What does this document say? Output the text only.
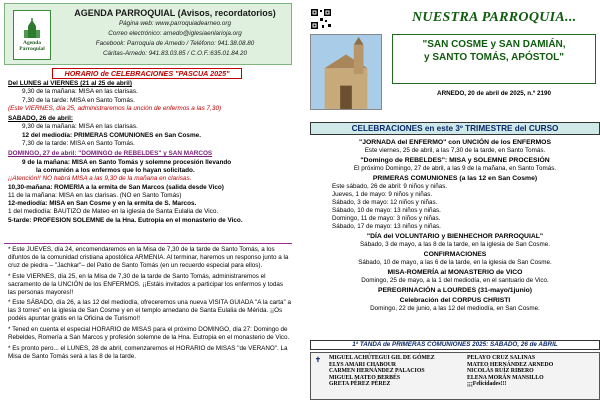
Agenda Parroquial
AGENDA PARROQUIAL (Avisos, recordatorios)
Página web: www.parroquiadearneo.org
Correo electrónico: arnedo@iglesiaenlarioja.org
Facebook: Parroquia de Arnedo / Teléfono: 941.38.08.80
Cáritas-Arnedo: 941.83.03.85 / C.O.F.:635.01.84.20
HORARIO de CELEBRACIONES "PASCUA 2025"
Del LUNES al VIERNES (21 al 25 de abril)
9,30 de la mañana: MISA en las clarisas.
7,30 de la tarde: MISA en Santo Tomás.
(Este VIERNES, día 25, administraremos la unción de enfermos a las 7,30)
SÁBADO, 26 de abril:
9,30 de la mañana: MISA en las clarisas.
12 del mediodía: PRIMERAS COMUNIONES en San Cosme.
7,30 de la tarde: MISA en Santo Tomás.
DOMINGO, 27 de abril: "DOMINGO de REBELDES" y SAN MARCOS
9 de la mañana: MISA en Santo Tomás y solemne procesión llevando
la comunión a los enfermos que lo hayan solicitado.
¡¡Atención!! NO habrá MISA a las 9,30 de la mañana en clarisas.
10,30-mañana: ROMERÍA a la ermita de San Marcos (salida desde Vico)
11 de la mañana: MISA en las clarisas. (NO en Santo Tomás)
12-mediodía: MISA en San Cosme y en la ermita de S. Marcos.
1 del mediodía: BAUTIZO de Mateo en la iglesia de Santa Eulalia de Vico.
5-tarde: PROFESIÓN SOLEMNE de la Hna. Eutropia en el monasterio de Vico.
* Este JUEVES, día 24, encomendaremos en la Misa de 7,30 de la tarde de Santo Tomás, a los difuntos de la comunidad cristiana apostólica ARMENIA. Al terminar, haremos un responso junto a la cruz de piedra – "Jachkar"– del Patio de Santo Tomás (en un recuerdo especial para ellos).
* Este VIERNES, día 25, en la Misa de 7,30 de la tarde de Santo Tomás, administraremos el sacramento de la UNCIÓN de los ENFERMOS. ¡¡Estáis invitados a participar los enfermos y todas las personas mayores!!
* Este SÁBADO, día 26, a las 12 del mediodía, ofreceremos una nueva VISITA GUIADA "A la carta" a las 3 torres" en la iglesia de San Cosme y en el templo arnedano de Santa Eulalia de Mérida. ¡¡Os podéis apuntar gratis en la Oficina de Turismo!!
* Tened en cuenta el especial HORARIO de MISAS para el próximo DOMINGO, día 27: Domingo de Rebeldes, Romería a San Marcos y profesión solemne de la Hna. Eutropia en el monasterio de Vico.
* Es pronto pero... el LUNES, 28 de abril, comenzaremos el HORARIO de MISAS "de VERANO". La Misa de Santo Tomás será a las 8 de la tarde.
NUESTRA PARROQUIA...
"SAN COSME y SAN DAMIÁN,
y SANTO TOMÁS, APÓSTOL"
ARNEDO, 20 de abril de 2025, n.º 2190
CELEBRACIONES en este 3º TRIMESTRE del CURSO
"JORNADA del ENFERMO" con UNCIÓN de los ENFERMOS
Este viernes, 25 de abril, a las 7,30 de la tarde, en Santo Tomás.
"Domingo de REBELDES": MISA y SOLEMNE PROCESIÓN
El próximo Domingo, 27 de abril, a las 9 de la mañana, en Santo Tomás.
PRIMERAS COMUNIONES (a las 12 en San Cosme)
Este sábado, 26 de abril: 9 niños y niñas.
Jueves, 1 de mayo: 9 niños y niñas.
Sábado, 3 de mayo: 12 niños y niñas.
Sábado, 10 de mayo: 13 niños y niñas.
Domingo, 11 de mayo: 3 niños y niñas.
Sábado, 17 de mayo: 13 niños y niñas.
"DÍA del VOLUNTARIO y BIENHECHOR PARROQUIAL"
Sábado, 3 de mayo, a las 8 de la tarde, en la iglesia de San Cosme.
CONFIRMACIONES
Sábado, 10 de mayo, a las 6 de la tarde, en la iglesia de San Cosme.
MISA-ROMERÍA al MONASTERIO de VICO
Domingo, 25 de mayo, a la 1 del mediodía, en el santuario de Vico.
PEREGRINACIÓN a LOURDES (31-mayo/1junio)
Celebración del CORPUS CHRISTI
Domingo, 22 de junio, a las 12 del mediodía, en San Cosme.
1ª TANDA de PRIMERAS COMUNIONES 2025: SÁBADO, 26 de ABRIL
✝	MIGUEL ACHÚTEGUI GIL DE GÓMEZ
ELYS AMARI CHABOUR
CARMEN HERNÁNDEZ PALACIOS
MIGUEL MATEO BERBÉS
GRETA PÉREZ PÉREZ
PELAYO CRUZ SALINAS
MATEO HERNÁNDEZ ARNEDO
NICOLÁS RUÍZ RIBERO
ELENA MORÁN MANSILLO
¡¡¡Felicidades!!!
